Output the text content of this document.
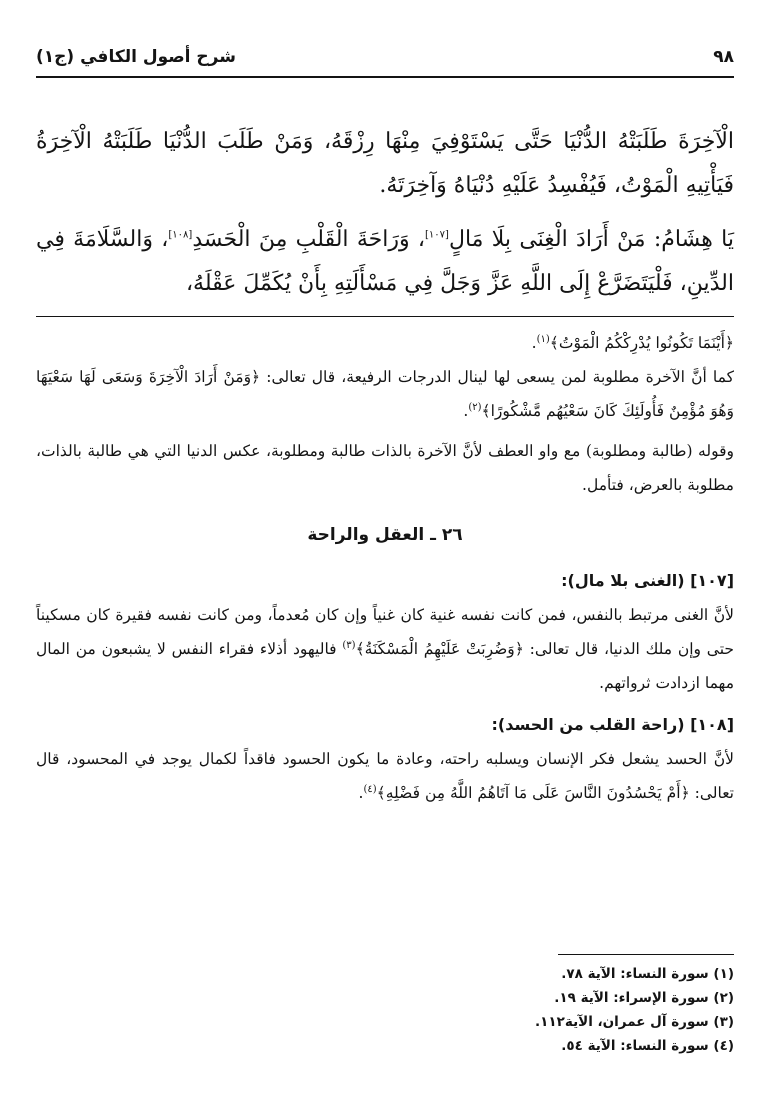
٩٨
شرح أصول الكافي (ج١)

الْآخِرَةَ طَلَبَتْهُ الدُّنْيَا حَتَّى يَسْتَوْفِيَ مِنْهَا رِزْقَهُ، وَمَنْ طَلَبَ الدُّنْيَا طَلَبَتْهُ الْآخِرَةُ

فَيَأْتِيهِ الْمَوْتُ، فَيُفْسِدُ عَلَيْهِ دُنْيَاهُ وَآخِرَتَهُ.

يَا هِشَامُ: مَنْ أَرَادَ الْغِنَى بِلَا مَالٍ[١٠٧]، وَرَاحَةَ الْقَلْبِ مِنَ الْحَسَدِ[١٠٨]، وَالسَّلَامَةَ فِي الدِّينِ، فَلْيَتَضَرَّعْ إِلَى اللَّهِ عَزَّ وَجَلَّ فِي مَسْأَلَتِهِ بِأَنْ يُكَمِّلَ عَقْلَهُ،

﴿أَيْنَمَا تَكُونُوا يُدْرِكْكُمُ الْمَوْتُ﴾$^{(١)}$.

كما أنَّ الآخرة مطلوبة لمن يسعى لها لينال الدرجات الرفيعة، قال تعالى: ﴿وَمَنْ أَرَادَ الْآخِرَةَ وَسَعَى لَهَا سَعْيَهَا وَهُوَ مُؤْمِنٌ فَأُولَئِكَ كَانَ سَعْيُهُم مَّشْكُورًا﴾$^{(٢)}$.

وقوله (طالبة ومطلوبة) مع واو العطف لأنَّ الآخرة بالذات طالبة ومطلوبة، عكس الدنيا التي هي طالبة بالذات، مطلوبة بالعرض، فتأمل.

٢٦ ـ العقل والراحة
[١٠٧] (الغنى بلا مال):

لأنَّ الغنى مرتبط بالنفس، فمن كانت نفسه غنية كان غنياً وإن كان مُعدماً، ومن كانت نفسه فقيرة كان مسكيناً حتى وإن ملك الدنيا، قال تعالى: ﴿وَضُرِبَتْ عَلَيْهِمُ الْمَسْكَنَةُ﴾$^{(٣)}$ فاليهود أذلاء فقراء النفس لا يشبعون من المال مهما ازدادت ثرواتهم.

[١٠٨] (راحة القلب من الحسد):

لأنَّ الحسد يشعل فكر الإنسان ويسلبه راحته، وعادة ما يكون الحسود فاقداً لكمال يوجد في المحسود، قال تعالى: ﴿أَمْ يَحْسُدُونَ النَّاسَ عَلَى مَا آتَاهُمُ اللَّهُ مِن فَضْلِهِ﴾$^{(٤)}$.

(١) سورة النساء: الآية ٧٨.
(٢) سورة الإسراء: الآية ١٩.
(٣) سورة آل عمران، الآية١١٢.
(٤) سورة النساء: الآية ٥٤.
